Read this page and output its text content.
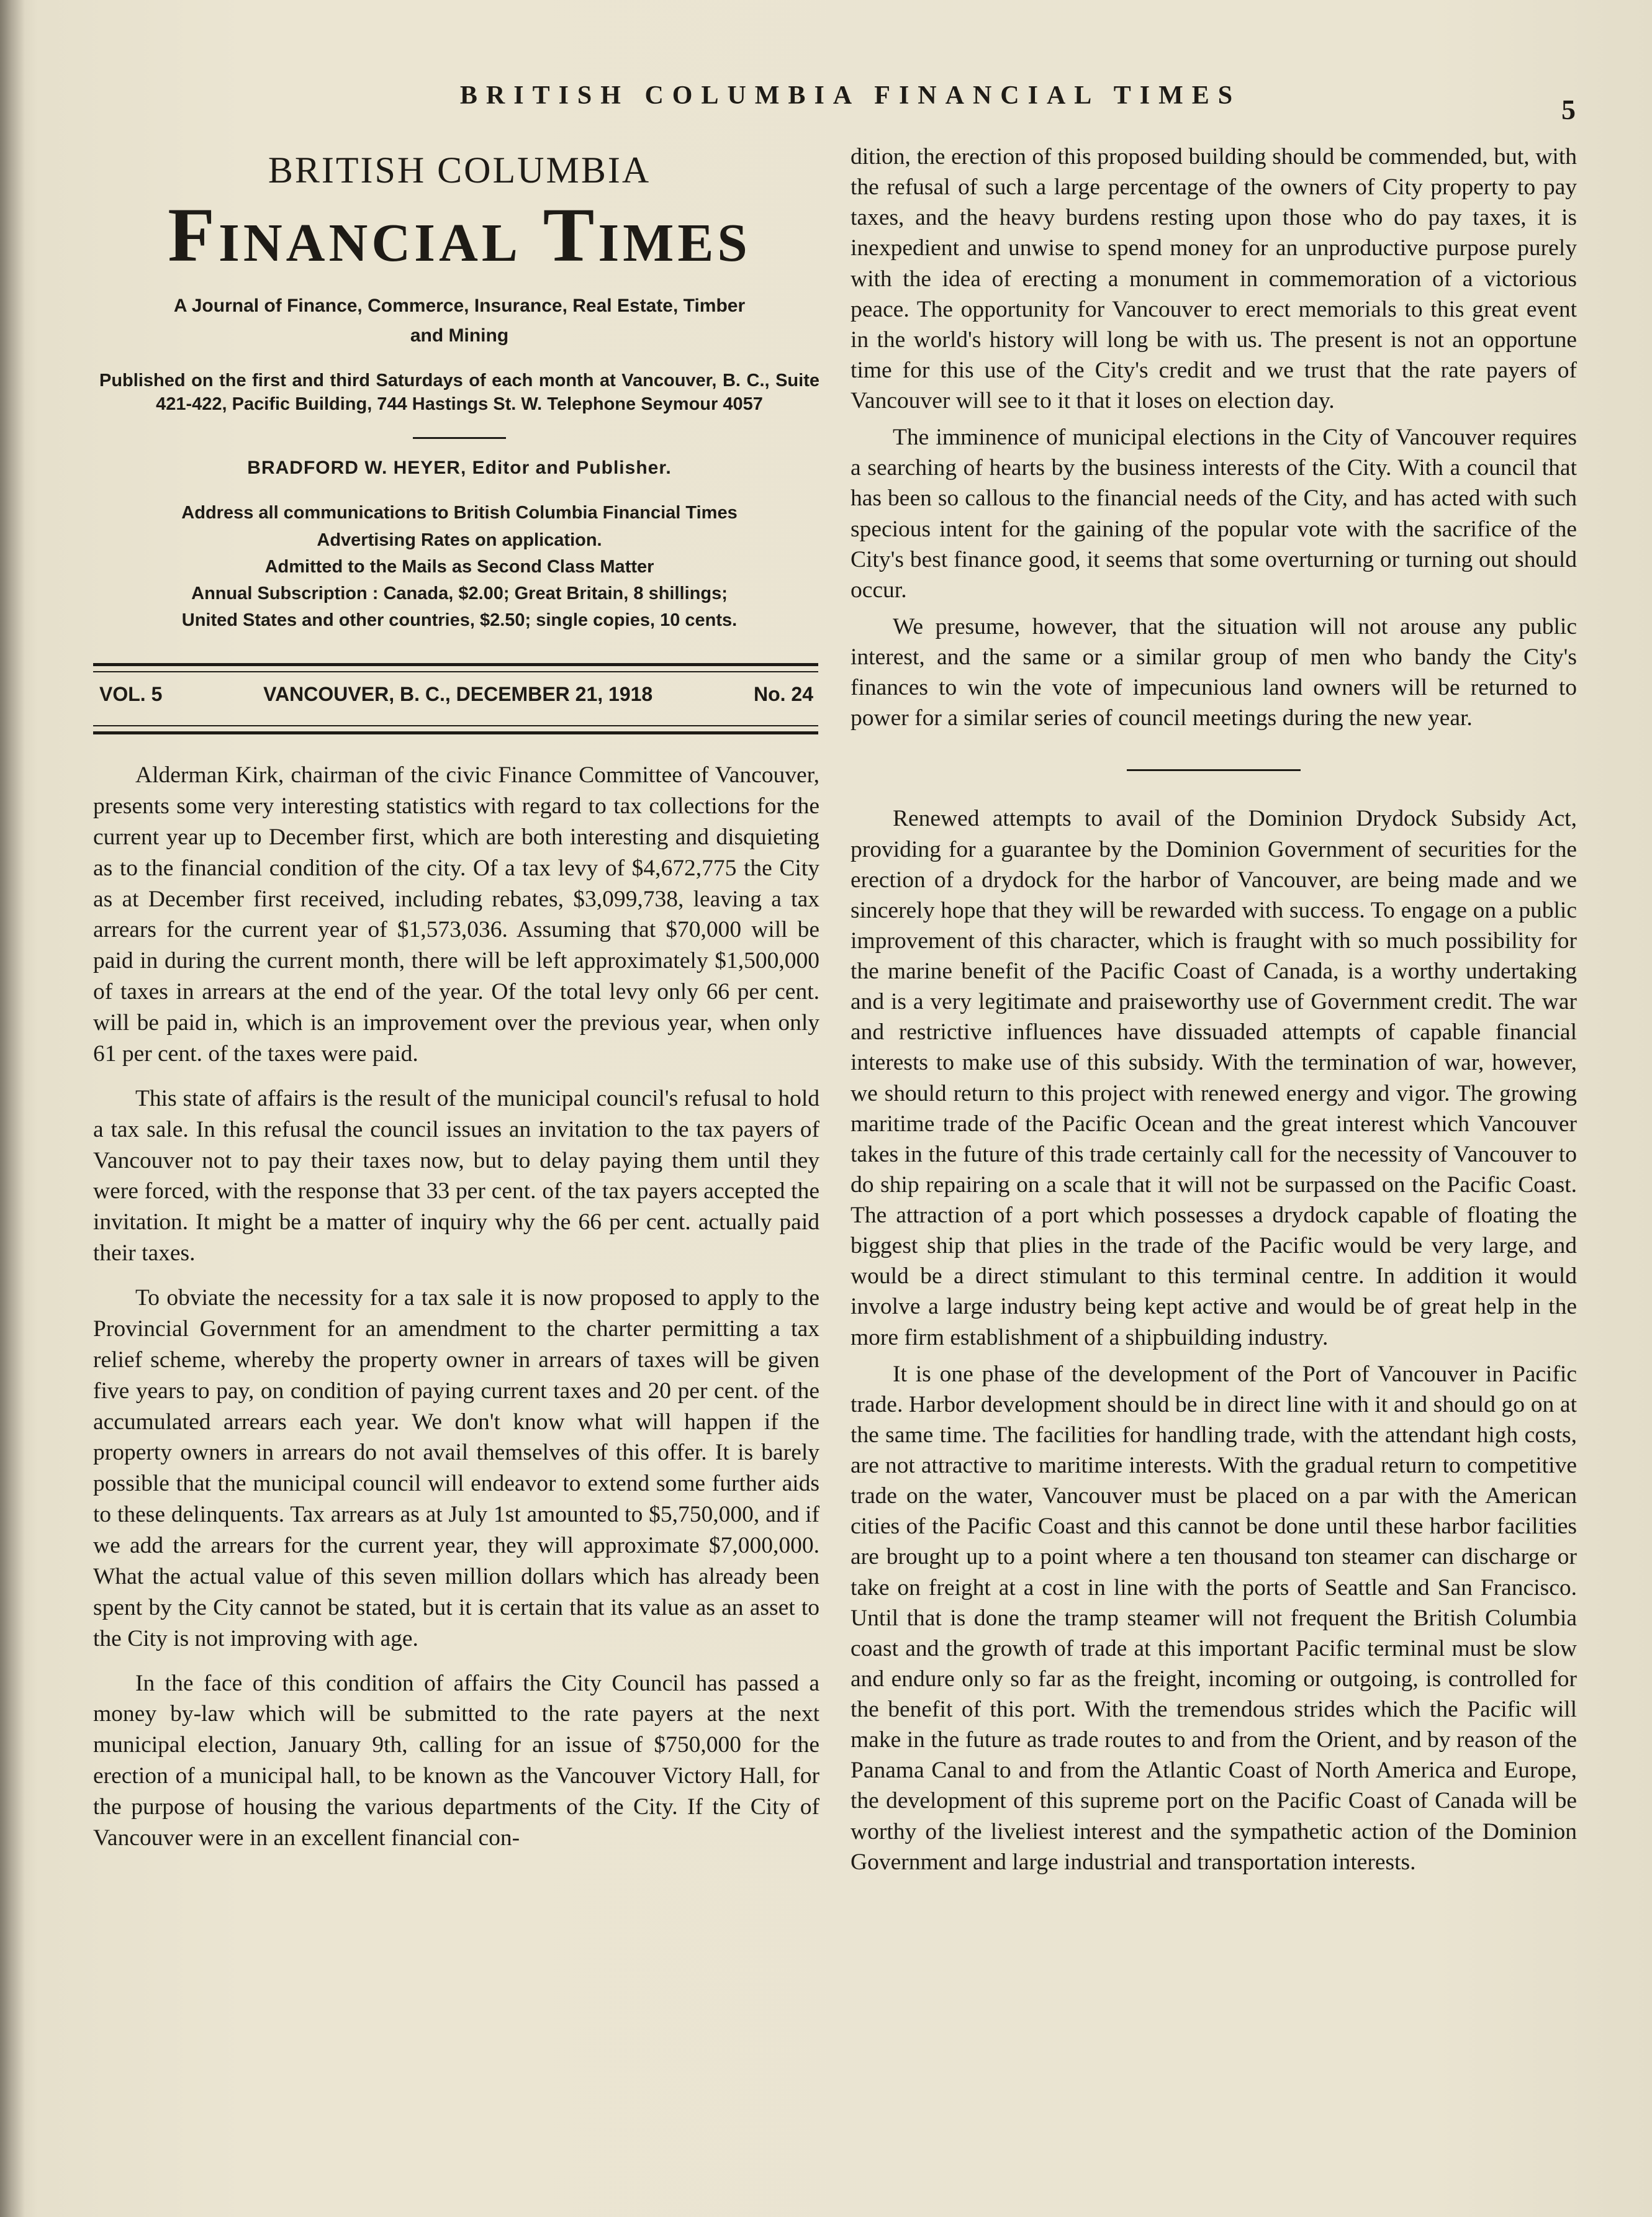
BRITISH COLUMBIA FINANCIAL TIMES	5
BRITISH COLUMBIA
Financial Times
A Journal of Finance, Commerce, Insurance, Real Estate, Timber and Mining
Published on the first and third Saturdays of each month at Vancouver, B. C., Suite 421-422, Pacific Building, 744 Hastings St. W. Telephone Seymour 4057
BRADFORD W. HEYER, Editor and Publisher.
Address all communications to British Columbia Financial Times
Advertising Rates on application.
Admitted to the Mails as Second Class Matter
Annual Subscription : Canada, $2.00; Great Britain, 8 shillings;
United States and other countries, $2.50; single copies, 10 cents.
VOL. 5	VANCOUVER, B. C., DECEMBER 21, 1918	No. 24

Alderman Kirk, chairman of the civic Finance Committee of Vancouver, presents some very interesting statistics with regard to tax collections for the current year up to December first, which are both interesting and disquieting as to the financial condition of the city. Of a tax levy of $4,672,775 the City as at December first received, including rebates, $3,099,738, leaving a tax arrears for the current year of $1,573,036. Assuming that $70,000 will be paid in during the current month, there will be left approximately $1,500,000 of taxes in arrears at the end of the year. Of the total levy only 66 per cent. will be paid in, which is an improvement over the previous year, when only 61 per cent. of the taxes were paid.

This state of affairs is the result of the municipal council's refusal to hold a tax sale. In this refusal the council issues an invitation to the tax payers of Vancouver not to pay their taxes now, but to delay paying them until they were forced, with the response that 33 per cent. of the tax payers accepted the invitation. It might be a matter of inquiry why the 66 per cent. actually paid their taxes.

To obviate the necessity for a tax sale it is now proposed to apply to the Provincial Government for an amendment to the charter permitting a tax relief scheme, whereby the property owner in arrears of taxes will be given five years to pay, on condition of paying current taxes and 20 per cent. of the accumulated arrears each year. We don't know what will happen if the property owners in arrears do not avail themselves of this offer. It is barely possible that the municipal council will endeavor to extend some further aids to these delinquents. Tax arrears as at July 1st amounted to $5,750,000, and if we add the arrears for the current year, they will approximate $7,000,000. What the actual value of this seven million dollars which has already been spent by the City cannot be stated, but it is certain that its value as an asset to the City is not improving with age.

In the face of this condition of affairs the City Council has passed a money by-law which will be submitted to the rate payers at the next municipal election, January 9th, calling for an issue of $750,000 for the erection of a municipal hall, to be known as the Vancouver Victory Hall, for the purpose of housing the various departments of the City. If the City of Vancouver were in an excellent financial con-

dition, the erection of this proposed building should be commended, but, with the refusal of such a large percentage of the owners of City property to pay taxes, and the heavy burdens resting upon those who do pay taxes, it is inexpedient and unwise to spend money for an unproductive purpose purely with the idea of erecting a monument in commemoration of a victorious peace. The opportunity for Vancouver to erect memorials to this great event in the world's history will long be with us. The present is not an opportune time for this use of the City's credit and we trust that the rate payers of Vancouver will see to it that it loses on election day.

The imminence of municipal elections in the City of Vancouver requires a searching of hearts by the business interests of the City. With a council that has been so callous to the financial needs of the City, and has acted with such specious intent for the gaining of the popular vote with the sacrifice of the City's best finance good, it seems that some overturning or turning out should occur.

We presume, however, that the situation will not arouse any public interest, and the same or a similar group of men who bandy the City's finances to win the vote of impecunious land owners will be returned to power for a similar series of council meetings during the new year.

Renewed attempts to avail of the Dominion Drydock Subsidy Act, providing for a guarantee by the Dominion Government of securities for the erection of a drydock for the harbor of Vancouver, are being made and we sincerely hope that they will be rewarded with success. To engage on a public improvement of this character, which is fraught with so much possibility for the marine benefit of the Pacific Coast of Canada, is a worthy undertaking and is a very legitimate and praiseworthy use of Government credit. The war and restrictive influences have dissuaded attempts of capable financial interests to make use of this subsidy. With the termination of war, however, we should return to this project with renewed energy and vigor. The growing maritime trade of the Pacific Ocean and the great interest which Vancouver takes in the future of this trade certainly call for the necessity of Vancouver to do ship repairing on a scale that it will not be surpassed on the Pacific Coast. The attraction of a port which possesses a drydock capable of floating the biggest ship that plies in the trade of the Pacific would be very large, and would be a direct stimulant to this terminal centre. In addition it would involve a large industry being kept active and would be of great help in the more firm establishment of a shipbuilding industry.

It is one phase of the development of the Port of Vancouver in Pacific trade. Harbor development should be in direct line with it and should go on at the same time. The facilities for handling trade, with the attendant high costs, are not attractive to maritime interests. With the gradual return to competitive trade on the water, Vancouver must be placed on a par with the American cities of the Pacific Coast and this cannot be done until these harbor facilities are brought up to a point where a ten thousand ton steamer can discharge or take on freight at a cost in line with the ports of Seattle and San Francisco. Until that is done the tramp steamer will not frequent the British Columbia coast and the growth of trade at this important Pacific terminal must be slow and endure only so far as the freight, incoming or outgoing, is controlled for the benefit of this port. With the tremendous strides which the Pacific will make in the future as trade routes to and from the Orient, and by reason of the Panama Canal to and from the Atlantic Coast of North America and Europe, the development of this supreme port on the Pacific Coast of Canada will be worthy of the liveliest interest and the sympathetic action of the Dominion Government and large industrial and transportation interests.
